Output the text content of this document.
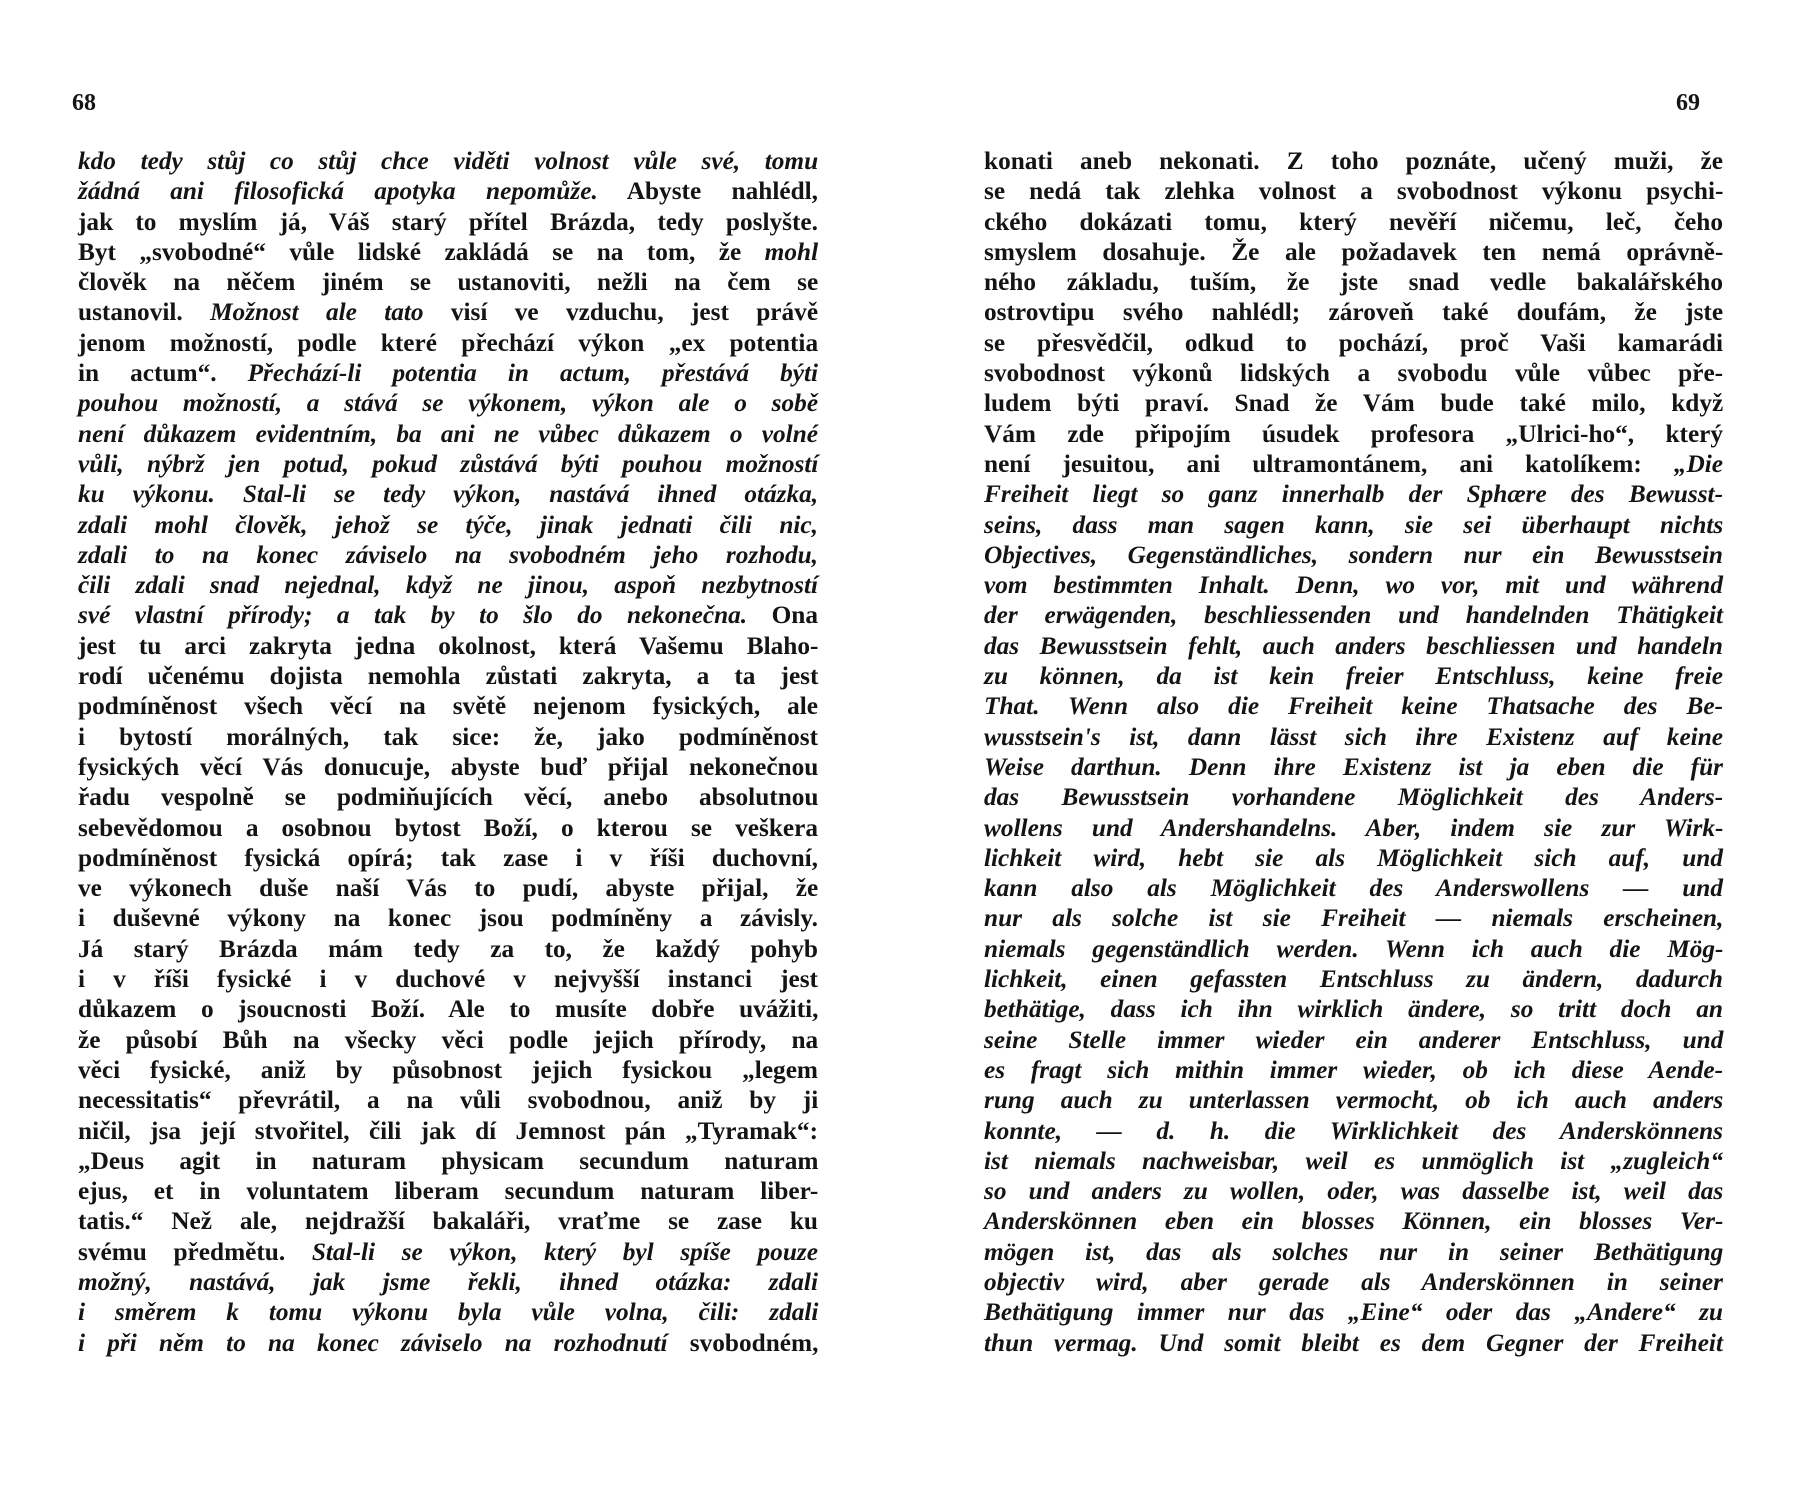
68
kdo tedy stůj co stůj chce viděti volnost vůle své, tomu
žádná ani filosofická apotyka nepomůže. Abyste nahlédl,
jak to myslím já, Váš starý přítel Brázda, tedy poslyšte.
Byt „svobodné“ vůle lidské zakládá se na tom, že mohl
člověk na něčem jiném se ustanoviti, nežli na čem se
ustanovil. Možnost ale tato visí ve vzduchu, jest právě
jenom možností, podle které přechází výkon „ex potentia
in actum“. Přechází-li potentia in actum, přestává býti
pouhou možností, a stává se výkonem, výkon ale o sobě
není důkazem evidentním, ba ani ne vůbec důkazem o volné
vůli, nýbrž jen potud, pokud zůstává býti pouhou možností
ku výkonu. Stal-li se tedy výkon, nastává ihned otázka,
zdali mohl člověk, jehož se týče, jinak jednati čili nic,
zdali to na konec záviselo na svobodném jeho rozhodu,
čili zdali snad nejednal, když ne jinou, aspoň nezbytností
své vlastní přírody; a tak by to šlo do nekonečna. Ona
jest tu arci zakryta jedna okolnost, která Vašemu Blaho-
rodí učenému dojista nemohla zůstati zakryta, a ta jest
podmíněnost všech věcí na světě nejenom fysických, ale
i bytostí morálných, tak sice: že, jako podmíněnost
fysických věcí Vás donucuje, abyste buď přijal nekonečnou
řadu vespolně se podmiňujících věcí, anebo absolutnou
sebevědomou a osobnou bytost Boží, o kterou se veškera
podmíněnost fysická opírá; tak zase i v říši duchovní,
ve výkonech duše naší Vás to pudí, abyste přijal, že
i duševné výkony na konec jsou podmíněny a závisly.
Já starý Brázda mám tedy za to, že každý pohyb
i v říši fysické i v duchové v nejvyšší instanci jest
důkazem o jsoucnosti Boží. Ale to musíte dobře uvážiti,
že působí Bůh na všecky věci podle jejich přírody, na
věci fysické, aniž by působnost jejich fysickou „legem
necessitatis“ převrátil, a na vůli svobodnou, aniž by ji
ničil, jsa její stvořitel, čili jak dí Jemnost pán „Tyramak“:
„Deus agit in naturam physicam secundum naturam
ejus, et in voluntatem liberam secundum naturam liber-
tatis.“ Než ale, nejdražší bakaláři, vraťme se zase ku
svému předmětu. Stal-li se výkon, který byl spíše pouze
možný, nastává, jak jsme řekli, ihned otázka: zdali
i směrem k tomu výkonu byla vůle volna, čili: zdali
i při něm to na konec záviselo na rozhodnutí svobodném,
69
konati aneb nekonati. Z toho poznáte, učený muži, že
se nedá tak zlehka volnost a svobodnost výkonu psychi-
ckého dokázati tomu, který nevěří ničemu, leč, čeho
smyslem dosahuje. Že ale požadavek ten nemá oprávně-
ného základu, tuším, že jste snad vedle bakalářského
ostrovtipu svého nahlédl; zároveň také doufám, že jste
se přesvědčil, odkud to pochází, proč Vaši kamarádi
svobodnost výkonů lidských a svobodu vůle vůbec pře-
ludem býti praví. Snad že Vám bude také milo, když
Vám zde připojím úsudek profesora „Ulrici-ho“, který
není jesuitou, ani ultramontánem, ani katolíkem: „Die
Freiheit liegt so ganz innerhalb der Sphære des Bewusst-
seins, dass man sagen kann, sie sei überhaupt nichts
Objectives, Gegenständliches, sondern nur ein Bewusstsein
vom bestimmten Inhalt. Denn, wo vor, mit und während
der erwägenden, beschliessenden und handelnden Thätigkeit
das Bewusstsein fehlt, auch anders beschliessen und handeln
zu können, da ist kein freier Entschluss, keine freie
That. Wenn also die Freiheit keine Thatsache des Be-
wusstsein's ist, dann lässt sich ihre Existenz auf keine
Weise darthun. Denn ihre Existenz ist ja eben die für
das Bewusstsein vorhandene Möglichkeit des Anders-
wollens und Andershandelns. Aber, indem sie zur Wirk-
lichkeit wird, hebt sie als Möglichkeit sich auf, und
kann also als Möglichkeit des Anderswollens — und
nur als solche ist sie Freiheit — niemals erscheinen,
niemals gegenständlich werden. Wenn ich auch die Mög-
lichkeit, einen gefassten Entschluss zu ändern, dadurch
bethätige, dass ich ihn wirklich ändere, so tritt doch an
seine Stelle immer wieder ein anderer Entschluss, und
es fragt sich mithin immer wieder, ob ich diese Aende-
rung auch zu unterlassen vermocht, ob ich auch anders
konnte, — d. h. die Wirklichkeit des Anderskönnens
ist niemals nachweisbar, weil es unmöglich ist „zugleich“
so und anders zu wollen, oder, was dasselbe ist, weil das
Anderskönnen eben ein blosses Können, ein blosses Ver-
mögen ist, das als solches nur in seiner Bethätigung
objectiv wird, aber gerade als Anderskönnen in seiner
Bethätigung immer nur das „Eine“ oder das „Andere“ zu
thun vermag. Und somit bleibt es dem Gegner der Freiheit
